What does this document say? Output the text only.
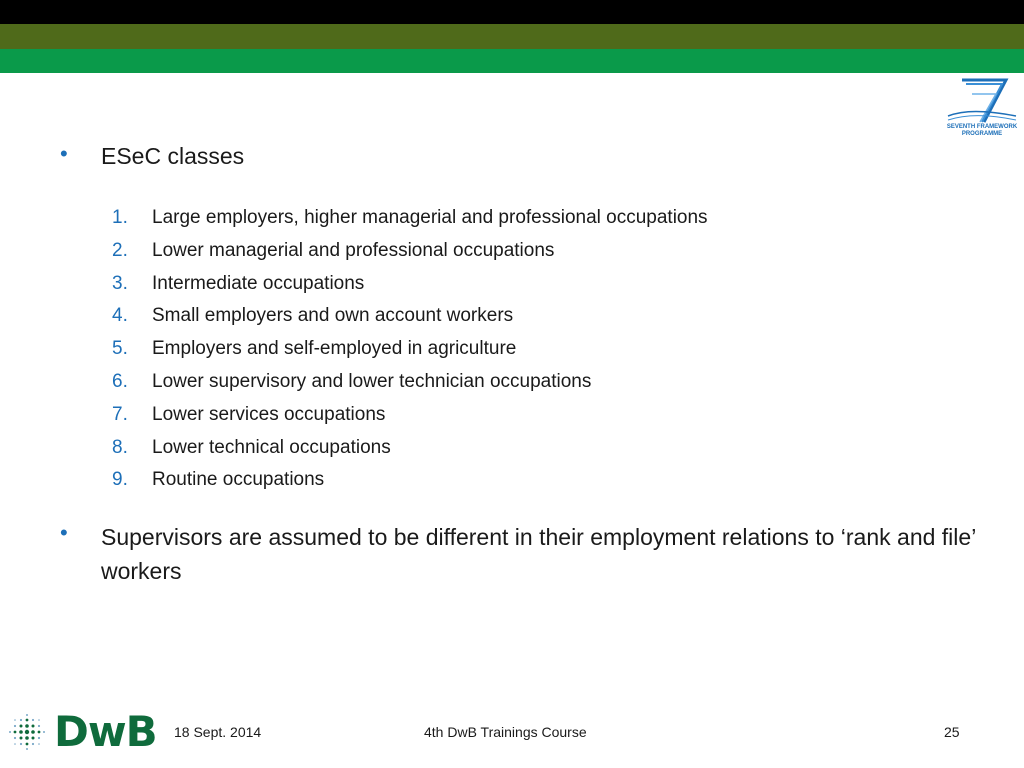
SEVENTH FRAMEWORK
PROGRAMME
• ESeC classes
1.	Large employers, higher managerial and professional occupations
2.	Lower managerial and professional occupations
3.	Intermediate occupations
4.	Small employers and own account workers
5.	Employers and self-employed in agriculture
6.	Lower supervisory and lower technician occupations
7.	Lower services occupations
8.	Lower technical occupations
9.	Routine occupations
• Supervisors are assumed to be different in their employment relations to ‘rank and file’ workers
DwB 18 Sept. 2014	4th DwB Trainings Course	25
